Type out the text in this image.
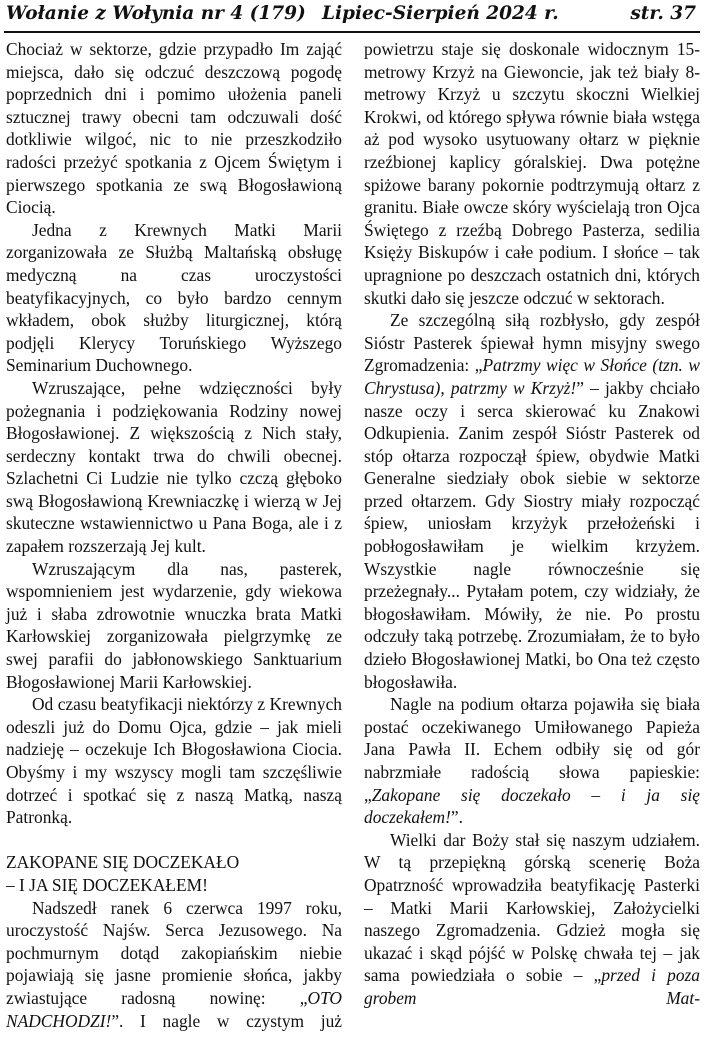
Wołanie z Wołynia nr 4 (179) Lipiec-Sierpień 2024 r.	str. 37

Chociaż w sektorze, gdzie przypadło Im zająć miejsca, dało się odczuć deszczową pogodę poprzednich dni i pomimo ułożenia paneli sztucznej trawy obecni tam odczuwali dość dotkliwie wilgoć, nic to nie przeszkodziło radości przeżyć spotkania z Ojcem Świętym i pierwszego spotkania ze swą Błogosławioną Ciocią.

Jedna z Krewnych Matki Marii zorganizowała ze Służbą Maltańską obsługę medyczną na czas uroczystości beatyfikacyjnych, co było bardzo cennym wkładem, obok służby liturgicznej, którą podjęli Klerycy Toruńskiego Wyższego Seminarium Duchownego.

Wzruszające, pełne wdzięczności były pożegnania i podziękowania Rodziny nowej Błogosławionej. Z większością z Nich stały, serdeczny kontakt trwa do chwili obecnej. Szlachetni Ci Ludzie nie tylko czczą głęboko swą Błogosławioną Krewniaczkę i wierzą w Jej skuteczne wstawiennictwo u Pana Boga, ale i z zapałem rozszerzają Jej kult.

Wzruszającym dla nas, pasterek, wspomnieniem jest wydarzenie, gdy wiekowa już i słaba zdrowotnie wnuczka brata Matki Karłowskiej zorganizowała pielgrzymkę ze swej parafii do jabłonowskiego Sanktuarium Błogosławionej Marii Karłowskiej.

Od czasu beatyfikacji niektórzy z Krewnych odeszli już do Domu Ojca, gdzie – jak mieli nadzieję – oczekuje Ich Błogosławiona Ciocia. Obyśmy i my wszyscy mogli tam szczęśliwie dotrzeć i spotkać się z naszą Matką, naszą Patronką.

ZAKOPANE SIĘ DOCZEKAŁO
– I JA SIĘ DOCZEKAŁEM!

Nadszedł ranek 6 czerwca 1997 roku, uroczystość Najśw. Serca Jezusowego. Na pochmurnym dotąd zakopiańskim niebie pojawiają się jasne promienie słońca, jakby zwiastujące radosną nowinę: „OTO NADCHODZI!”. I nagle w czystym już

powietrzu staje się doskonale widocznym 15-metrowy Krzyż na Giewoncie, jak też biały 8-metrowy Krzyż u szczytu skoczni Wielkiej Krokwi, od którego spływa równie biała wstęga aż pod wysoko usytuowany ołtarz w pięknie rzeźbionej kaplicy góralskiej. Dwa potężne spiżowe barany pokornie podtrzymują ołtarz z granitu. Białe owcze skóry wyścielają tron Ojca Świętego z rzeźbą Dobrego Pasterza, sedilia Księży Biskupów i całe podium. I słońce – tak upragnione po deszczach ostatnich dni, których skutki dało się jeszcze odczuć w sektorach.

Ze szczególną siłą rozbłysło, gdy zespół Sióstr Pasterek śpiewał hymn misyjny swego Zgromadzenia: „Patrzmy więc w Słońce (tzn. w Chrystusa), patrzmy w Krzyż!” – jakby chciało nasze oczy i serca skierować ku Znakowi Odkupienia. Zanim zespół Sióstr Pasterek od stóp ołtarza rozpoczął śpiew, obydwie Matki Generalne siedziały obok siebie w sektorze przed ołtarzem. Gdy Siostry miały rozpocząć śpiew, uniosłam krzyżyk przełożeński i pobłogosławiłam je wielkim krzyżem. Wszystkie nagle równocześnie się przeżegnały... Pytałam potem, czy widziały, że błogosławiłam. Mówiły, że nie. Po prostu odczuły taką potrzebę. Zrozumiałam, że to było dzieło Błogosławionej Matki, bo Ona też często błogosławiła.

Nagle na podium ołtarza pojawiła się biała postać oczekiwanego Umiłowanego Papieża Jana Pawła II. Echem odbiły się od gór nabrzmiałe radością słowa papieskie: „Zakopane się doczekało – i ja się doczekałem!”.

Wielki dar Boży stał się naszym udziałem. W tą przepiękną górską scenerię Boża Opatrzność wprowadziła beatyfikację Pasterki – Matki Marii Karłowskiej, Założycielki naszego Zgromadzenia. Gdzież mogła się ukazać i skąd pójść w Polskę chwała tej – jak sama powiedziała o sobie – „przed i poza grobem Mat-
